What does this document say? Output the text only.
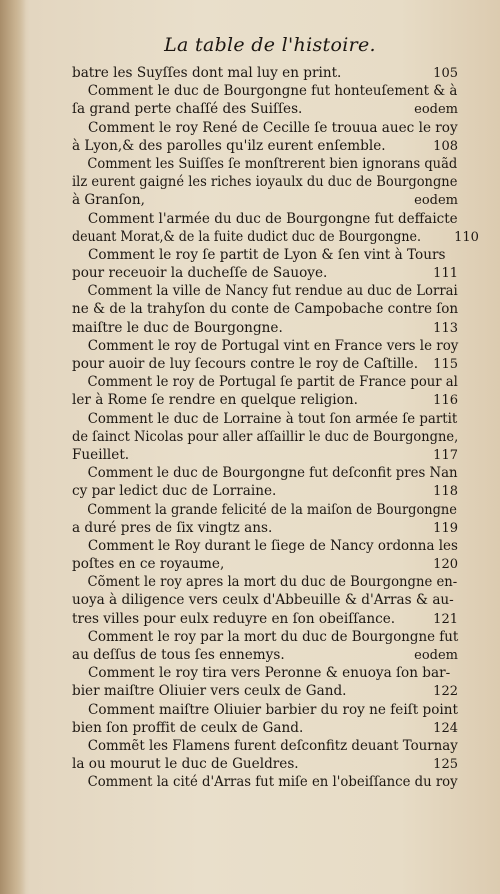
La table de l'histoire.
batre les Suyſſes dont mal luy en print.	105
Comment le duc de Bourgongne fut honteuſement & à
ſa grand perte chaſſé des Suiſſes.	eodem
Comment le roy René de Cecille ſe trouua auec le roy
à Lyon,& des parolles qu'ilz eurent enſemble.	108
Comment les Suiſſes ſe monſtrerent bien ignorans quãd
ilz eurent gaigné les riches ioyaulx du duc de Bourgongne
à Granſon,	eodem
Comment l'armée du duc de Bourgongne fut deffaicte
deuant Morat,& de la fuite dudict duc de Bourgongne.	110
Comment le roy ſe partit de Lyon & ſen vint à Tours
pour receuoir la ducheſſe de Sauoye.	111
Comment la ville de Nancy fut rendue au duc de Lorrai
ne & de la trahyſon du conte de Campobache contre ſon
maiſtre le duc de Bourgongne.	113
Comment le roy de Portugal vint en France vers le roy
pour auoir de luy ſecours contre le roy de Caſtille.	115
Comment le roy de Portugal ſe partit de France pour al
ler à Rome ſe rendre en quelque religion.	116
Comment le duc de Lorraine à tout ſon armée ſe partit
de ſainct Nicolas pour aller aſſaillir le duc de Bourgongne,
Fueillet.	117
Comment le duc de Bourgongne fut deſconfit pres Nan
cy par ledict duc de Lorraine.	118
Comment la grande felicité de la maiſon de Bourgongne
a duré pres de ſix vingtz ans.	119
Comment le Roy durant le ſiege de Nancy ordonna les
poſtes en ce royaume,	120
Cõment le roy apres la mort du duc de Bourgongne en-
uoya à diligence vers ceulx d'Abbeuille & d'Arras & au-
tres villes pour eulx reduyre en ſon obeiſſance.	121
Comment le roy par la mort du duc de Bourgongne fut
au deſſus de tous ſes ennemys.	eodem
Comment le roy tira vers Peronne & enuoya ſon bar-
bier maiſtre Oliuier vers ceulx de Gand.	122
Comment maiſtre Oliuier barbier du roy ne feiſt point
bien ſon proffit de ceulx de Gand.	124
Commẽt les Flamens furent deſconfitz deuant Tournay
la ou mourut le duc de Gueldres.	125
Comment la cité d'Arras fut miſe en l'obeiſſance du roy
